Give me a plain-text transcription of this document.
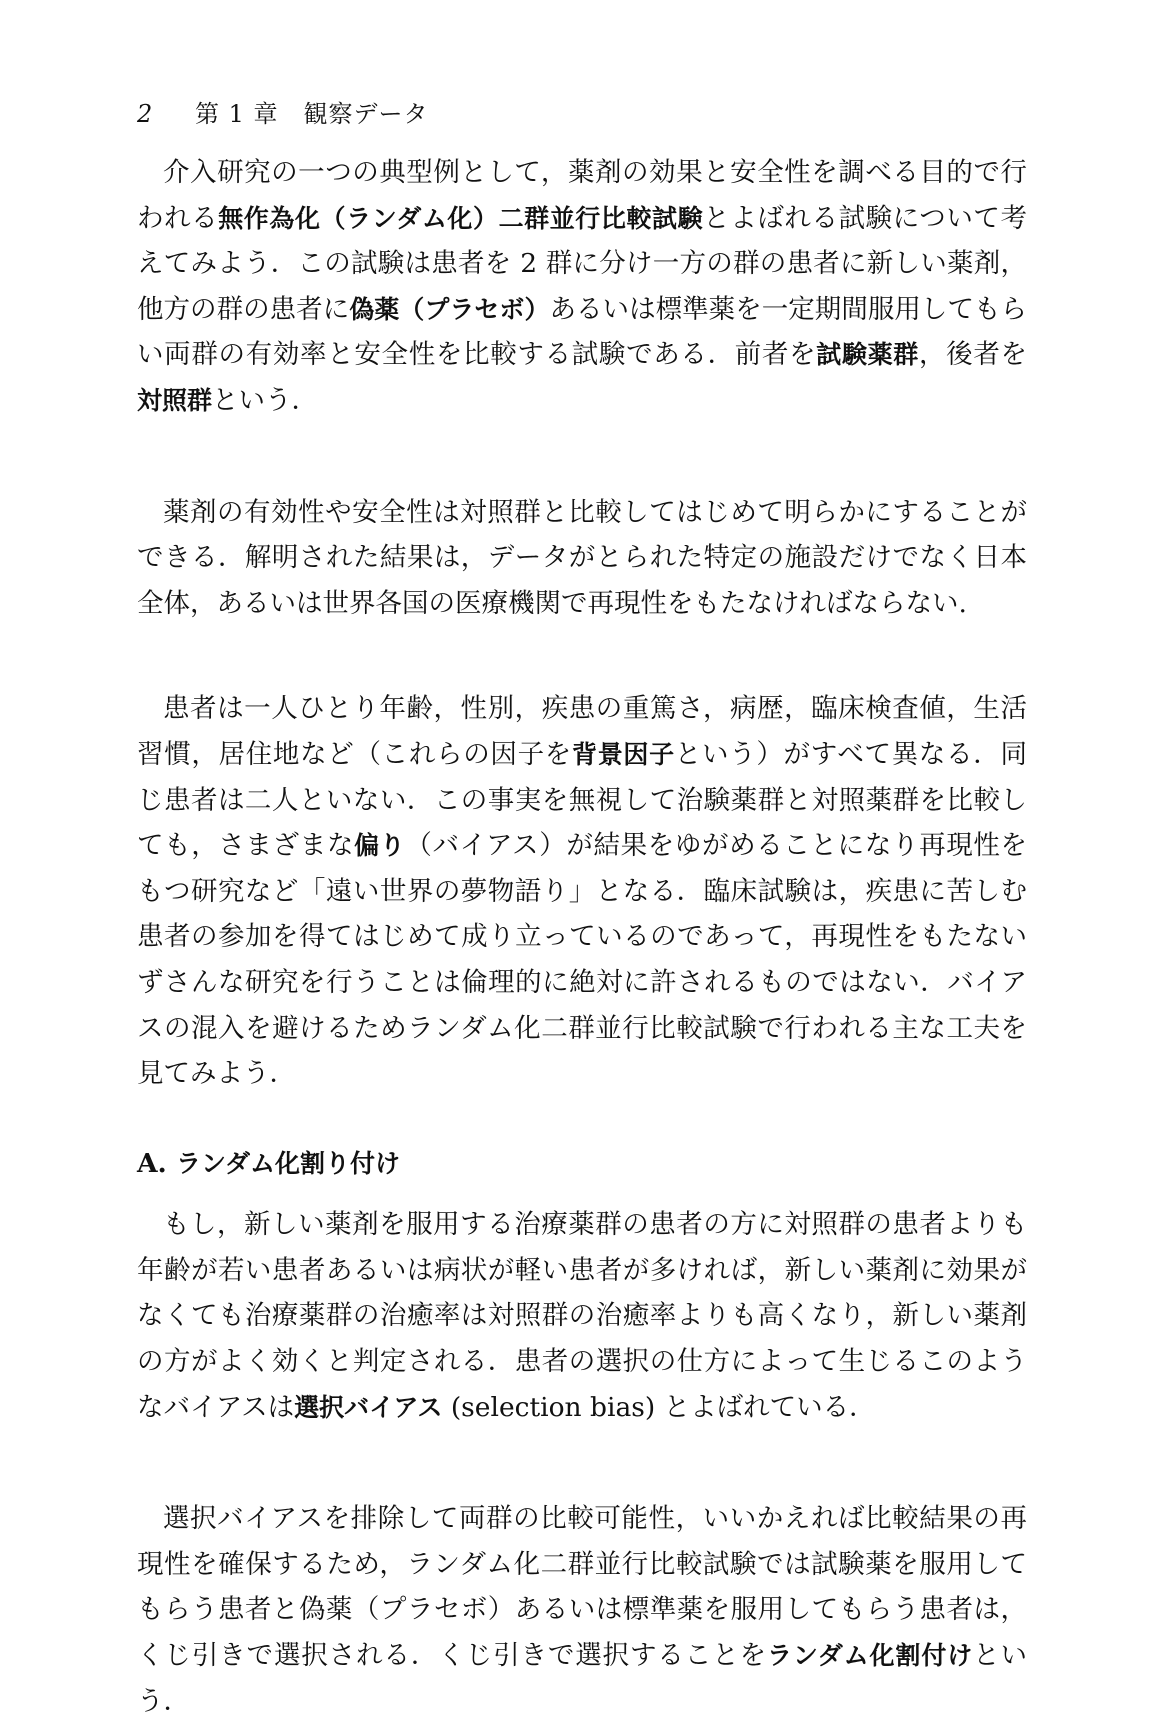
2	第 1 章　観察データ

介入研究の一つの典型例として，薬剤の効果と安全性を調べる目的で行われる無作為化（ランダム化）二群並行比較試験とよばれる試験について考えてみよう．この試験は患者を 2 群に分け一方の群の患者に新しい薬剤，他方の群の患者に偽薬（プラセボ）あるいは標準薬を一定期間服用してもらい両群の有効率と安全性を比較する試験である．前者を試験薬群，後者を対照群という．

薬剤の有効性や安全性は対照群と比較してはじめて明らかにすることができる．解明された結果は，データがとられた特定の施設だけでなく日本全体，あるいは世界各国の医療機関で再現性をもたなければならない.

患者は一人ひとり年齢，性別，疾患の重篤さ，病歴，臨床検査値，生活習慣，居住地など（これらの因子を背景因子という）がすべて異なる．同じ患者は二人といない．この事実を無視して治験薬群と対照薬群を比較しても，さまざまな偏り（バイアス）が結果をゆがめることになり再現性をもつ研究など「遠い世界の夢物語り」となる．臨床試験は，疾患に苦しむ患者の参加を得てはじめて成り立っているのであって，再現性をもたないずさんな研究を行うことは倫理的に絶対に許されるものではない．バイアスの混入を避けるためランダム化二群並行比較試験で行われる主な工夫を見てみよう．

A. ランダム化割り付け

もし，新しい薬剤を服用する治療薬群の患者の方に対照群の患者よりも年齢が若い患者あるいは病状が軽い患者が多ければ，新しい薬剤に効果がなくても治療薬群の治癒率は対照群の治癒率よりも高くなり，新しい薬剤の方がよく効くと判定される．患者の選択の仕方によって生じるこのようなバイアスは選択バイアス (selection bias) とよばれている．

選択バイアスを排除して両群の比較可能性，いいかえれば比較結果の再現性を確保するため，ランダム化二群並行比較試験では試験薬を服用してもらう患者と偽薬（プラセボ）あるいは標準薬を服用してもらう患者は，くじ引きで選択される．くじ引きで選択することをランダム化割付けという．
